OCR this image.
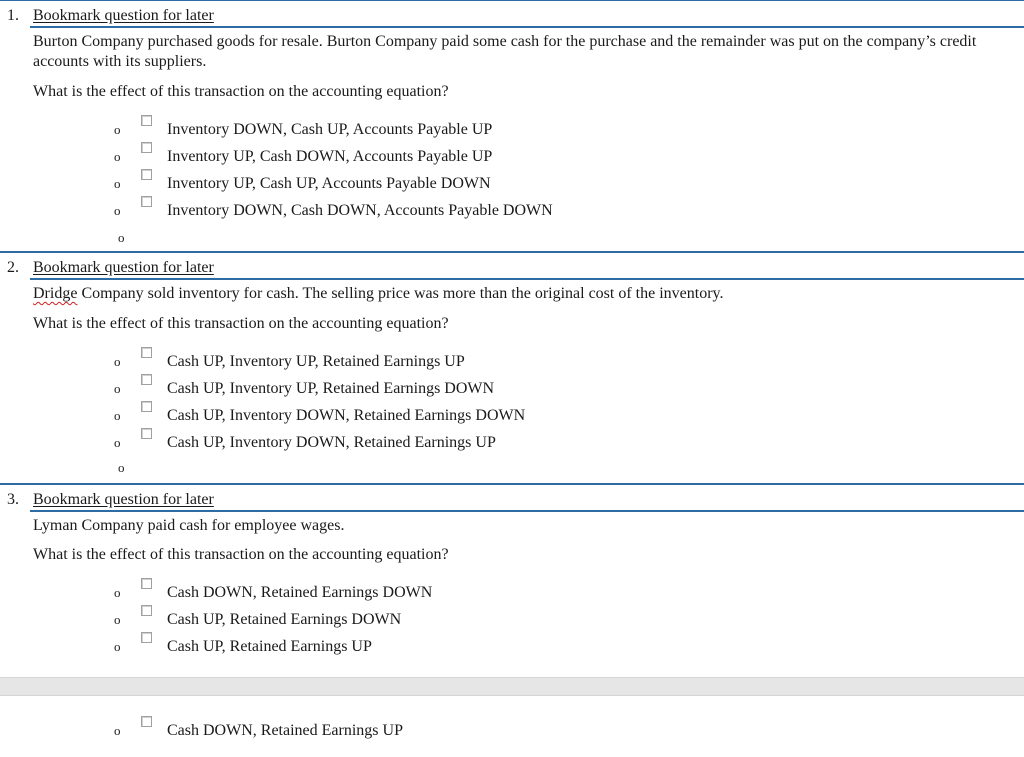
1. Bookmark question for later
Burton Company purchased goods for resale. Burton Company paid some cash for the purchase and the remainder was put on the company’s credit accounts with its suppliers.
What is the effect of this transaction on the accounting equation?
o	Inventory DOWN, Cash UP, Accounts Payable UP
o	Inventory UP, Cash DOWN, Accounts Payable UP
o	Inventory UP, Cash UP, Accounts Payable DOWN
o	Inventory DOWN, Cash DOWN, Accounts Payable DOWN
o
2. Bookmark question for later
Dridge Company sold inventory for cash. The selling price was more than the original cost of the inventory.
What is the effect of this transaction on the accounting equation?
o	Cash UP, Inventory UP, Retained Earnings UP
o	Cash UP, Inventory UP, Retained Earnings DOWN
o	Cash UP, Inventory DOWN, Retained Earnings DOWN
o	Cash UP, Inventory DOWN, Retained Earnings UP
o
3. Bookmark question for later
Lyman Company paid cash for employee wages.
What is the effect of this transaction on the accounting equation?
o	Cash DOWN, Retained Earnings DOWN
o	Cash UP, Retained Earnings DOWN
o	Cash UP, Retained Earnings UP
o	Cash DOWN, Retained Earnings UP
